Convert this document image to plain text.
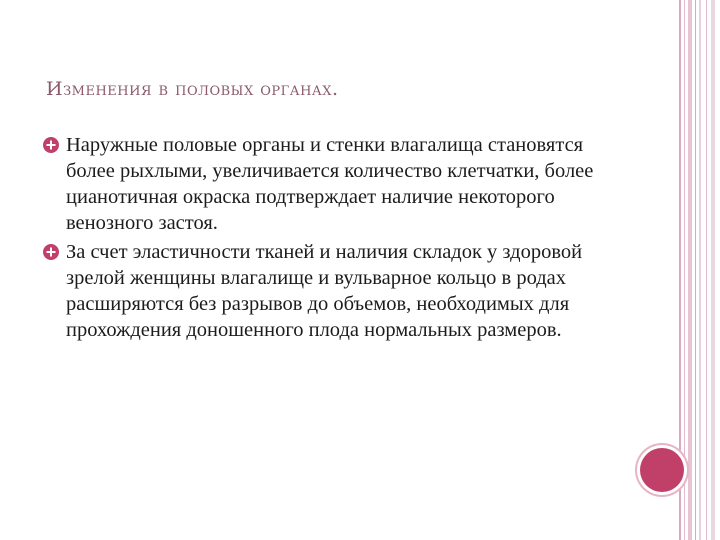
Изменения в половых органах.
Наружные половые органы и стенки влагалища становятся более рыхлыми, увеличивается количество клетчатки, более цианотичная окраска подтверждает наличие некоторого венозного застоя.
За счет эластичности тканей и наличия складок у здоровой зрелой женщины влагалище и вульварное кольцо в родах расширяются без разрывов до объемов, необходимых для прохождения доношенного плода нормальных размеров.
